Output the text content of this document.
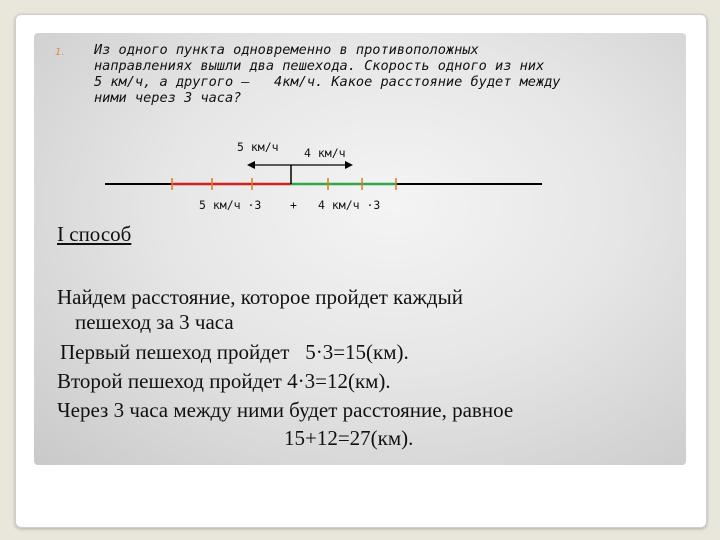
1. Из одного пункта одновременно в противоположных
направлениях вышли два пешехода. Скорость одного из них
5 км/ч, а другого –   4км/ч. Какое расстояние будет между
ними через 3 часа?
5 км/ч 4 км/ч
5 км/ч ·3 + 4 км/ч ·3
I способ
Найдем расстояние, которое пройдет каждый
пешеход за 3 часа
Первый пешеход пройдет   5·3=15(км).
Второй пешеход пройдет 4·3=12(км).
Через 3 часа между ними будет расстояние, равное
15+12=27(км).
